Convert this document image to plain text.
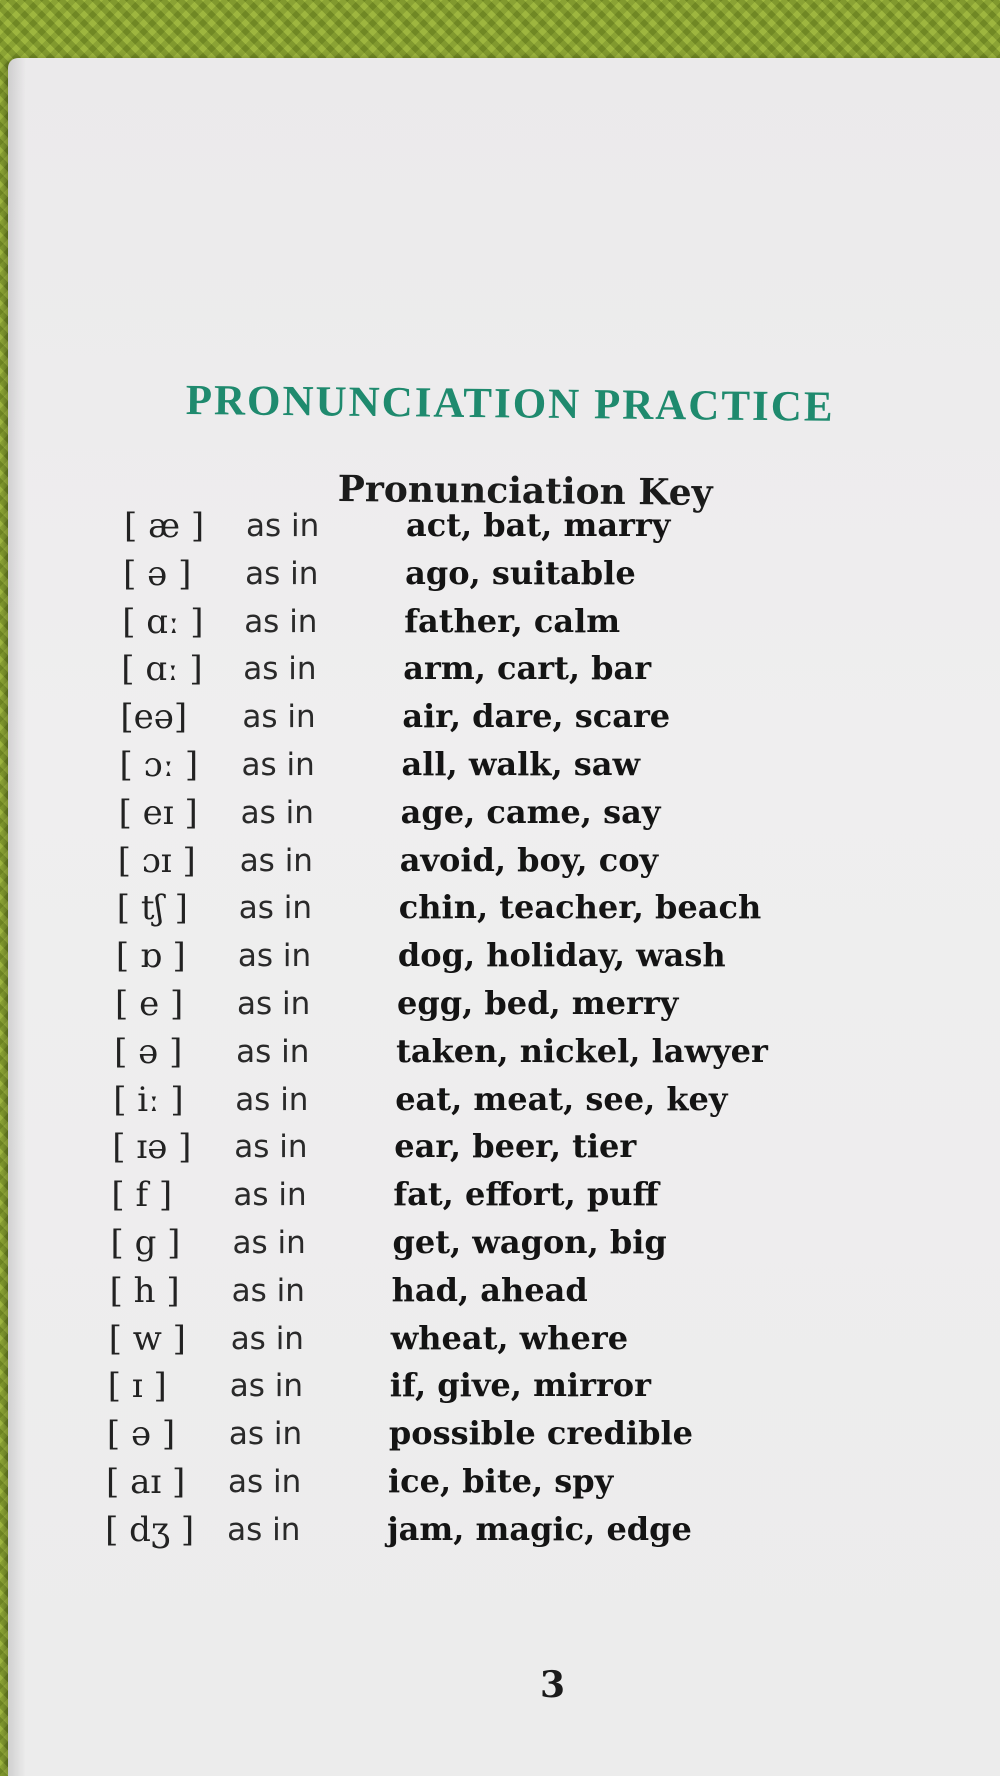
PRONUNCIATION PRACTICE
Pronunciation Key
[ æ ] as in	act, bat, marry
[ ə ] as in	ago, suitable
[ ɑː ] as in	father, calm
[ ɑː ] as in	arm, cart, bar
[eə] as in	air, dare, scare
[ ɔː ] as in	all, walk, saw
[ eɪ ] as in	age, came, say
[ ɔɪ ] as in	avoid, boy, coy
[ tʃ ] as in	chin, teacher, beach
[ ɒ ] as in	dog, holiday, wash
[ e ] as in	egg, bed, merry
[ ə ] as in	taken, nickel, lawyer
[ iː ] as in	eat, meat, see, key
[ ɪə ] as in	ear, beer, tier
[ f ] as in	fat, effort, puff
[ g ] as in	get, wagon, big
[ h ] as in	had, ahead
[ w ] as in	wheat, where
[ ɪ ] as in	if, give, mirror
[ ə ] as in	possible credible
[ aɪ ] as in	ice, bite, spy
[ dʒ ] as in	jam, magic, edge

3
